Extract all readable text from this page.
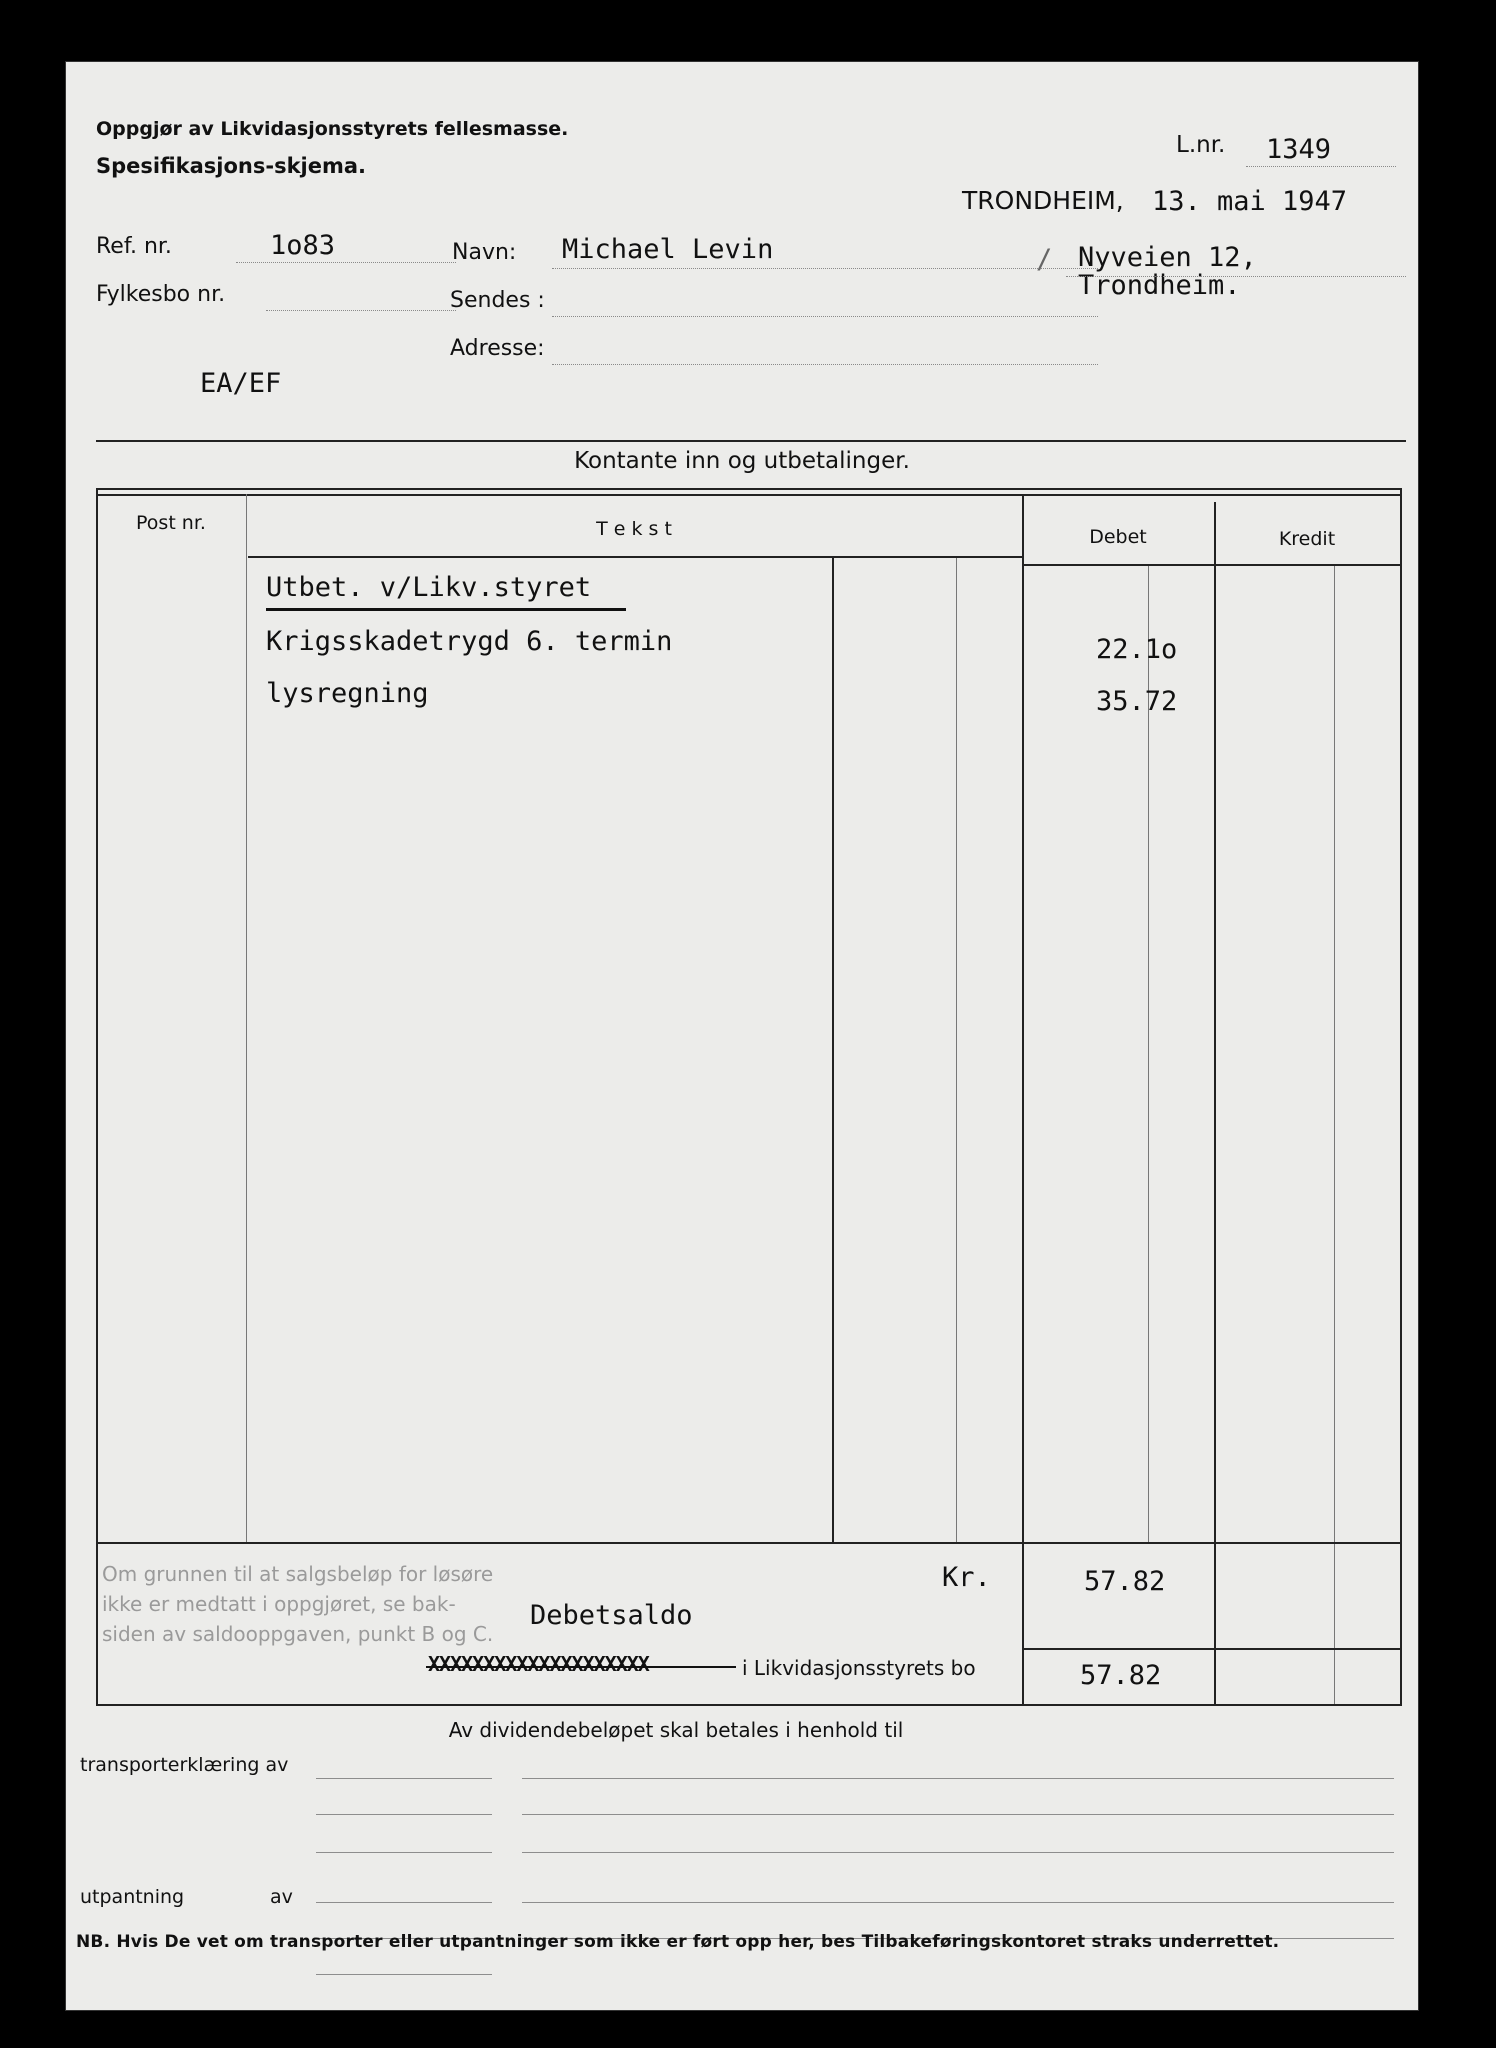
Oppgjør av Likvidasjonsstyrets fellesmasse.
Spesifikasjons-skjema.
L.nr. 1349
TRONDHEIM, 13. mai 1947
Ref. nr.	1o83
Fylkesbo nr.
Navn: Michael Levin
Sendes :
Adresse:
/ Nyveien 12,
Trondheim.
EA/EF
Kontante inn og utbetalinger.
Post nr.	T e k s t	Debet	Kredit
Utbet. v/Likv.styret
Krigsskadetrygd 6. termin	22.1o
lysregning	35.72
Om grunnen til at salgsbeløp for løsøre
ikke er medtatt i oppgjøret, se bak-
siden av saldooppgaven, punkt B og C.
Kr.	57.82
Debetsaldo
XXXXXXXXXXXXXXXXXXXX	i Likvidasjonsstyrets bo	57.82
Av dividendebeløpet skal betales i henhold til
transporterklæring av
utpantning	av
NB. Hvis De vet om transporter eller utpantninger som ikke er ført opp her, bes Tilbakeføringskontoret straks underrettet.
